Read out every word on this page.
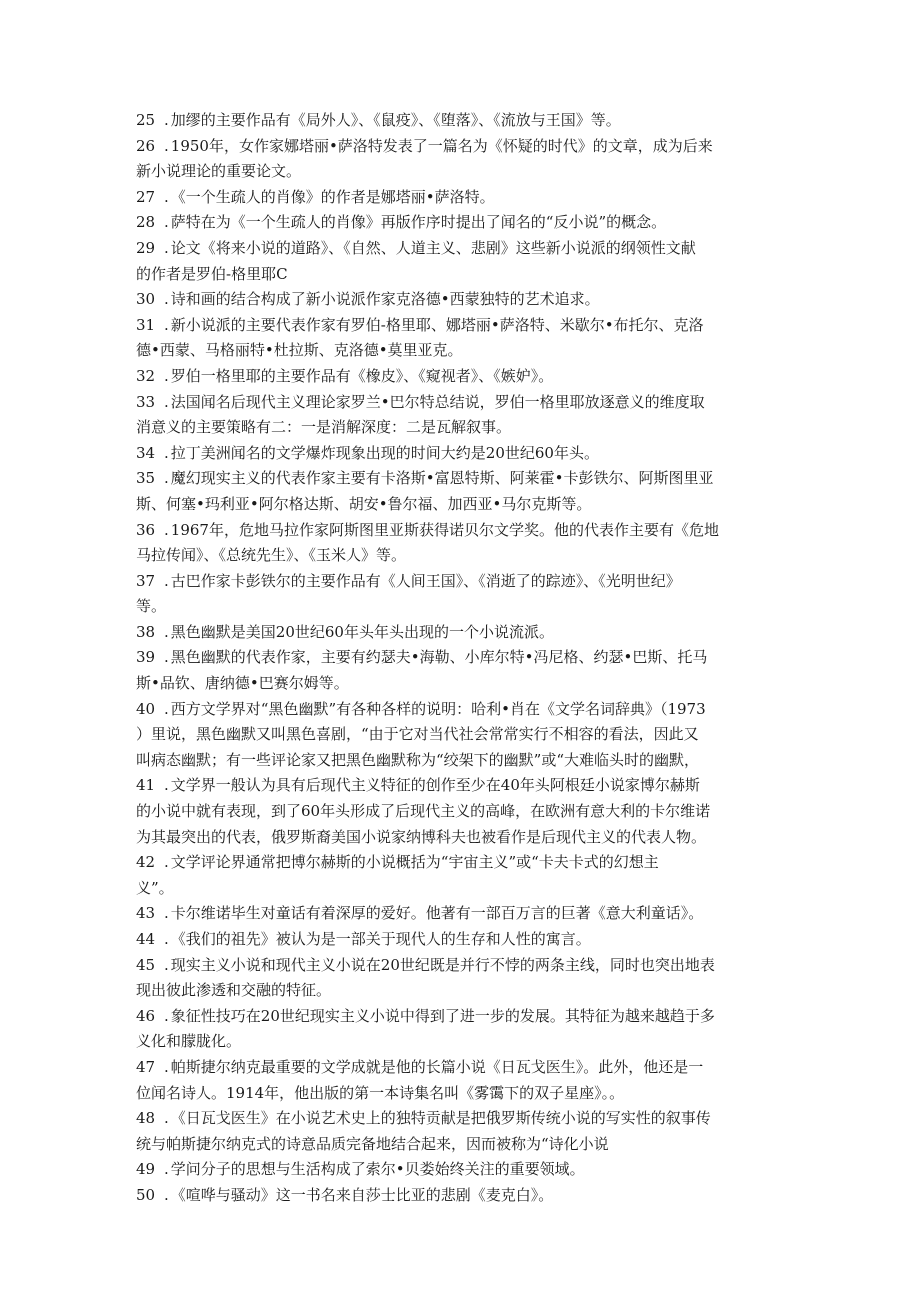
25 . 加缪的主要作品有《局外人》、《鼠疫》、《堕落》、《流放与王国》等。

26 . 1950年，女作家娜塔丽•萨洛特发表了一篇名为《怀疑的时代》的文章，成为后来

新小说理论的重要论文。

27 . 《一个生疏人的肖像》的作者是娜塔丽•萨洛特。

28 . 萨特在为《一个生疏人的肖像》再版作序时提出了闻名的“反小说”的概念。

29 . 论文《将来小说的道路》、《自然、人道主义、悲剧》这些新小说派的纲领性文献

的作者是罗伯-格里耶C

30 . 诗和画的结合构成了新小说派作家克洛德•西蒙独特的艺术追求。

31 . 新小说派的主要代表作家有罗伯-格里耶、娜塔丽•萨洛特、米歇尔•布托尔、克洛

德•西蒙、马格丽特•杜拉斯、克洛德•莫里亚克。

32 . 罗伯一格里耶的主要作品有《橡皮》、《窥视者》、《嫉妒》。

33 . 法国闻名后现代主义理论家罗兰•巴尔特总结说，罗伯一格里耶放逐意义的维度取

消意义的主要策略有二：一是消解深度：二是瓦解叙事。

34 . 拉丁美洲闻名的文学爆炸现象出现的时间大约是20世纪60年头。

35 . 魔幻现实主义的代表作家主要有卡洛斯•富恩特斯、阿莱霍•卡彭铁尔、阿斯图里亚

斯、何塞•玛利亚•阿尔格达斯、胡安•鲁尔福、加西亚•马尔克斯等。

36 . 1967年，危地马拉作家阿斯图里亚斯获得诺贝尔文学奖。他的代表作主要有《危地

马拉传闻》、《总统先生》、《玉米人》等。

37 . 古巴作家卡彭铁尔的主要作品有《人间王国》、《消逝了的踪迹》、《光明世纪》

等。

38 . 黑色幽默是美国20世纪60年头年头出现的一个小说流派。

39 . 黑色幽默的代表作家，主要有约瑟夫•海勒、小库尔特•冯尼格、约瑟•巴斯、托马

斯•品钦、唐纳德•巴赛尔姆等。

40 . 西方文学界对“黑色幽默”有各种各样的说明：哈利•肖在《文学名词辞典》（1973

）里说，黑色幽默又叫黑色喜剧，“由于它对当代社会常常实行不相容的看法，因此又

叫病态幽默；有一些评论家又把黑色幽默称为“绞架下的幽默”或“大难临头时的幽默，

41 . 文学界一般认为具有后现代主义特征的创作至少在40年头阿根廷小说家博尔赫斯

的小说中就有表现，到了60年头形成了后现代主义的高峰，在欧洲有意大利的卡尔维诺

为其最突出的代表，俄罗斯裔美国小说家纳博科夫也被看作是后现代主义的代表人物。

42 . 文学评论界通常把博尔赫斯的小说概括为“宇宙主义”或“卡夫卡式的幻想主

义”。

43 . 卡尔维诺毕生对童话有着深厚的爱好。他著有一部百万言的巨著《意大利童话》。

44 . 《我们的祖先》被认为是一部关于现代人的生存和人性的寓言。

45 . 现实主义小说和现代主义小说在20世纪既是并行不悖的两条主线，同时也突出地表

现出彼此渗透和交融的特征。

46 . 象征性技巧在20世纪现实主义小说中得到了进一步的发展。其特征为越来越趋于多

义化和朦胧化。

47 . 帕斯捷尔纳克最重要的文学成就是他的长篇小说《日瓦戈医生》。此外，他还是一

位闻名诗人。1914年，他出版的第一本诗集名叫《雾霭下的双子星座》。。

48 . 《日瓦戈医生》在小说艺术史上的独特贡献是把俄罗斯传统小说的写实性的叙事传

统与帕斯捷尔纳克式的诗意品质完备地结合起来，因而被称为“诗化小说

49 . 学问分子的思想与生活构成了索尔•贝娄始终关注的重要领域。

50 . 《喧哗与骚动》这一书名来自莎士比亚的悲剧《麦克白》。
